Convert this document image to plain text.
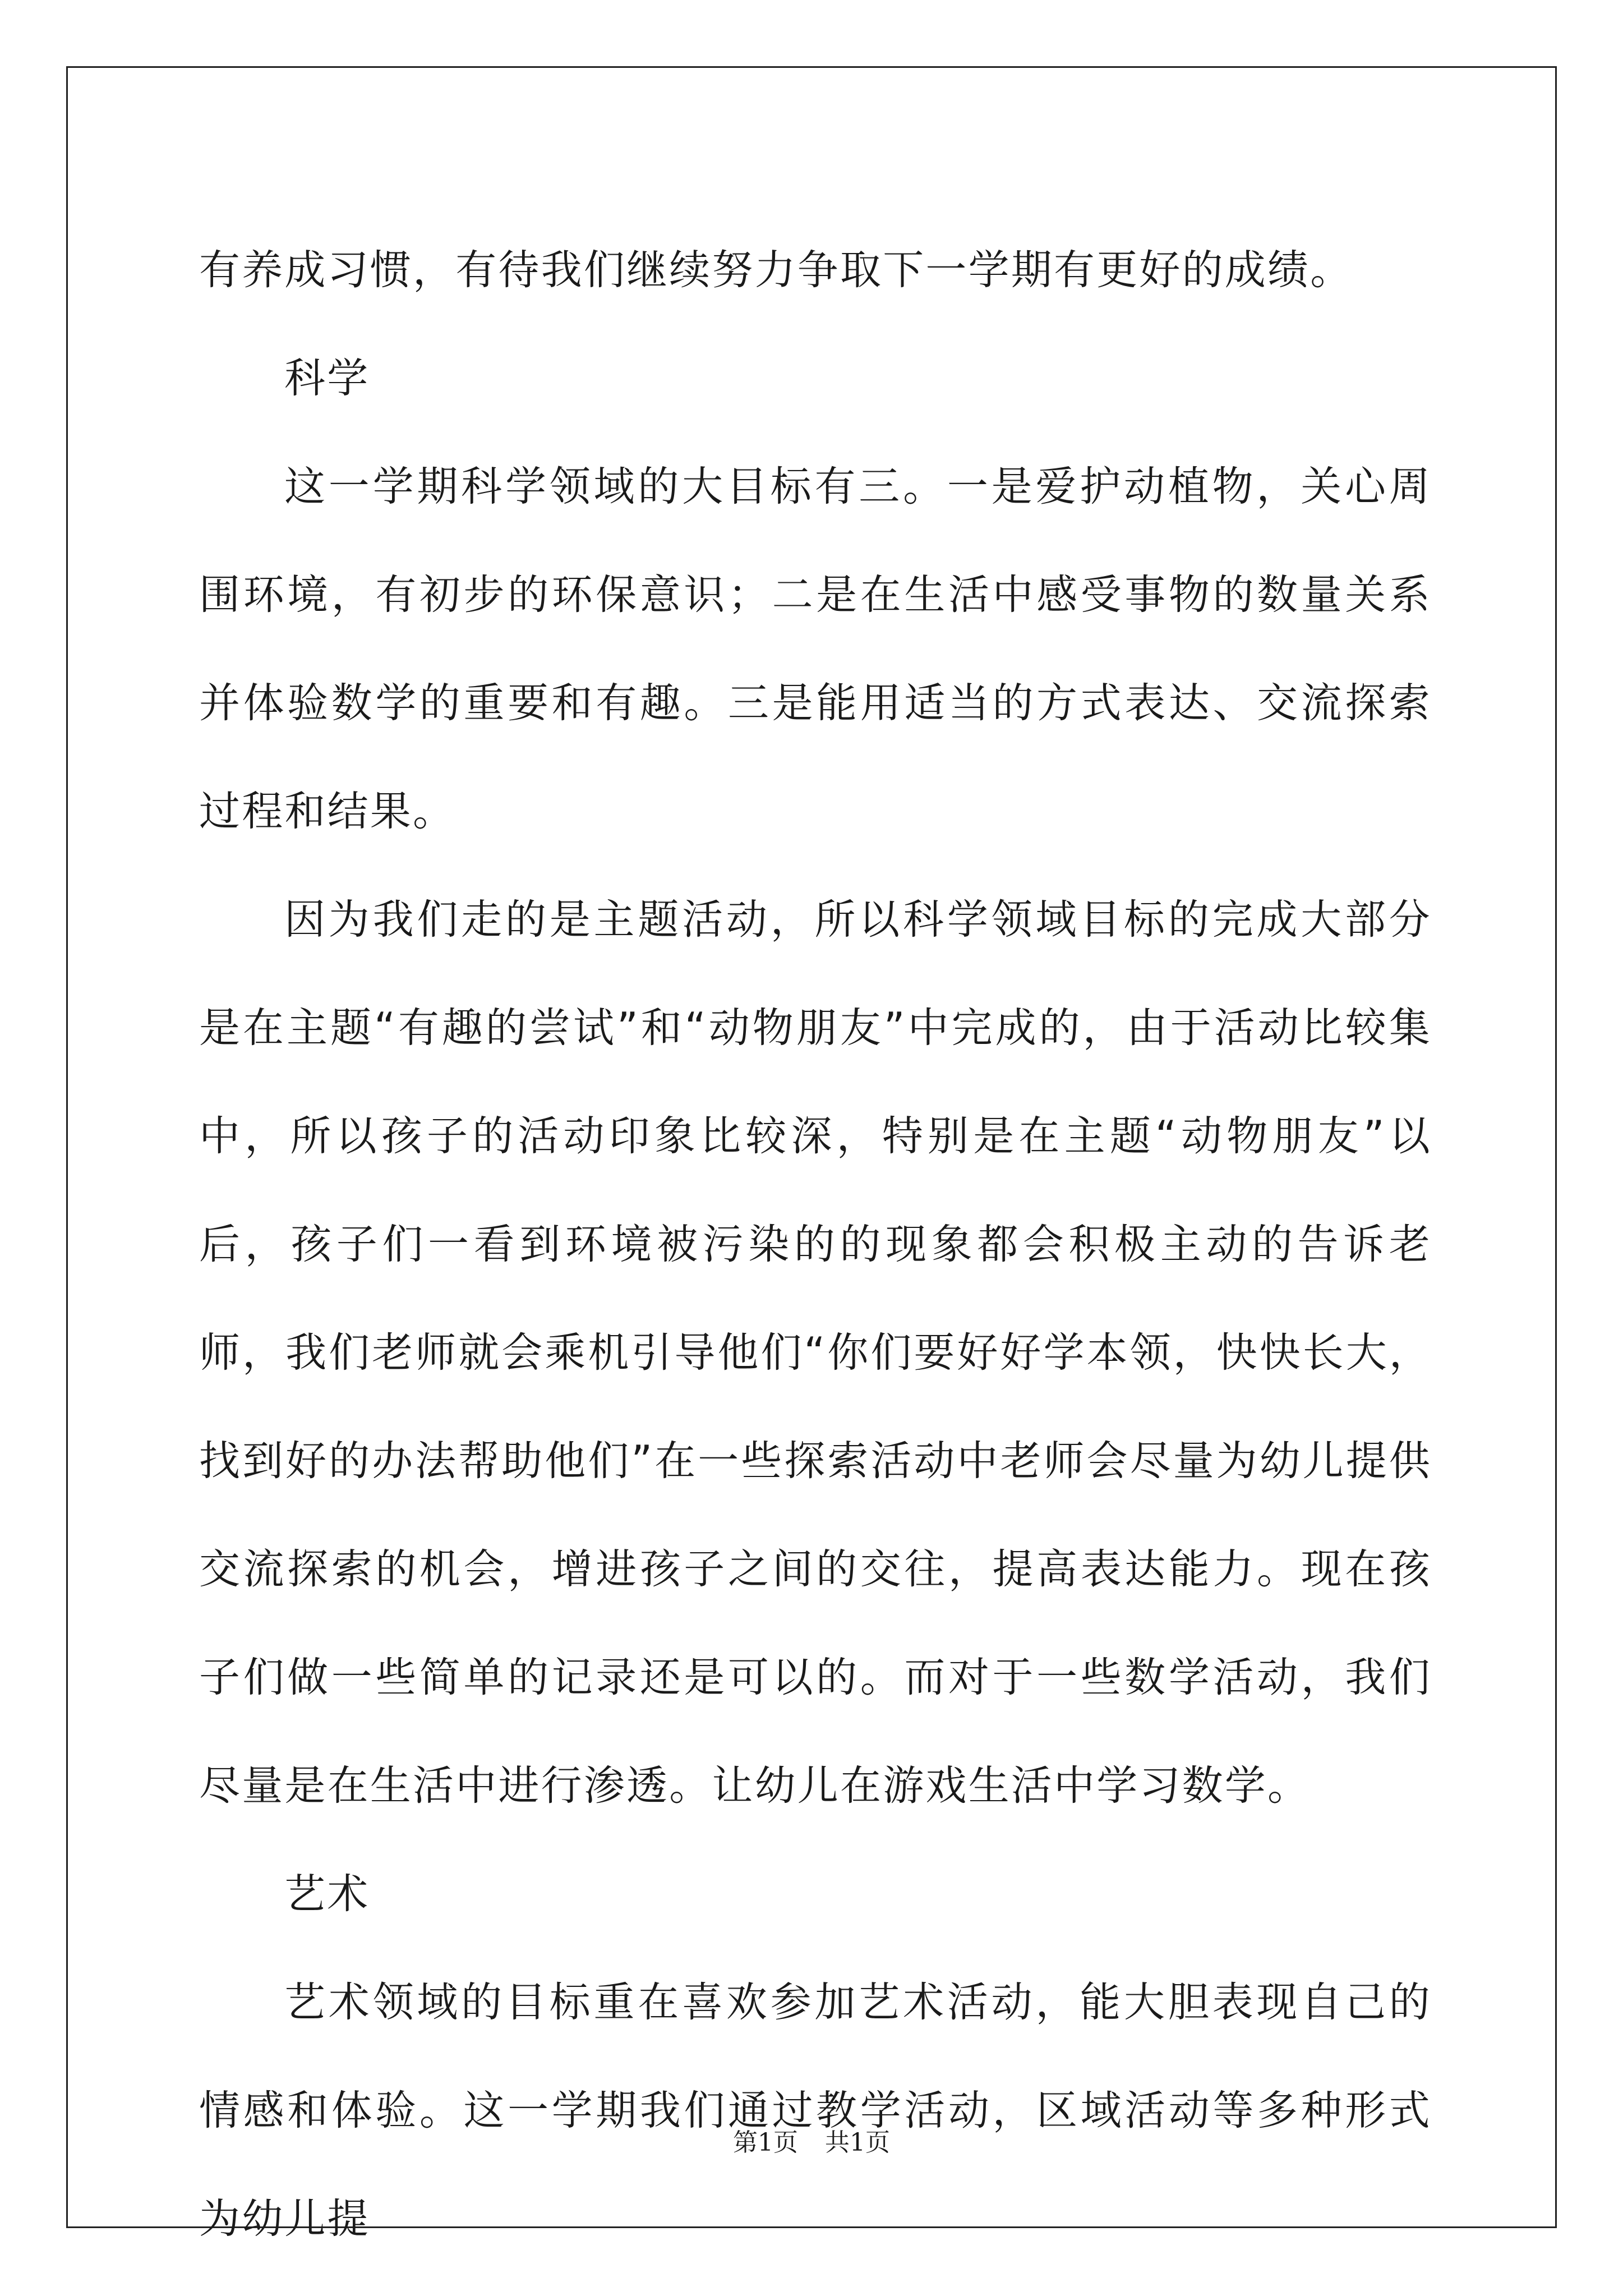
有养成习惯，有待我们继续努力争取下一学期有更好的成绩。

科学

这一学期科学领域的大目标有三。一是爱护动植物，关心周围环境，有初步的环保意识；二是在生活中感受事物的数量关系并体验数学的重要和有趣。三是能用适当的方式表达、交流探索过程和结果。

因为我们走的是主题活动，所以科学领域目标的完成大部分是在主题“有趣的尝试”和“动物朋友”中完成的，由于活动比较集中，所以孩子的活动印象比较深，特别是在主题“动物朋友”以后，孩子们一看到环境被污染的的现象都会积极主动的告诉老师，我们老师就会乘机引导他们“你们要好好学本领，快快长大，找到好的办法帮助他们”在一些探索活动中老师会尽量为幼儿提供交流探索的机会，增进孩子之间的交往，提高表达能力。现在孩子们做一些简单的记录还是可以的。而对于一些数学活动，我们尽量是在生活中进行渗透。让幼儿在游戏生活中学习数学。

艺术

艺术领域的目标重在喜欢参加艺术活动，能大胆表现自己的情感和体验。这一学期我们通过教学活动，区域活动等多种形式为幼儿提

第1页 共1页
